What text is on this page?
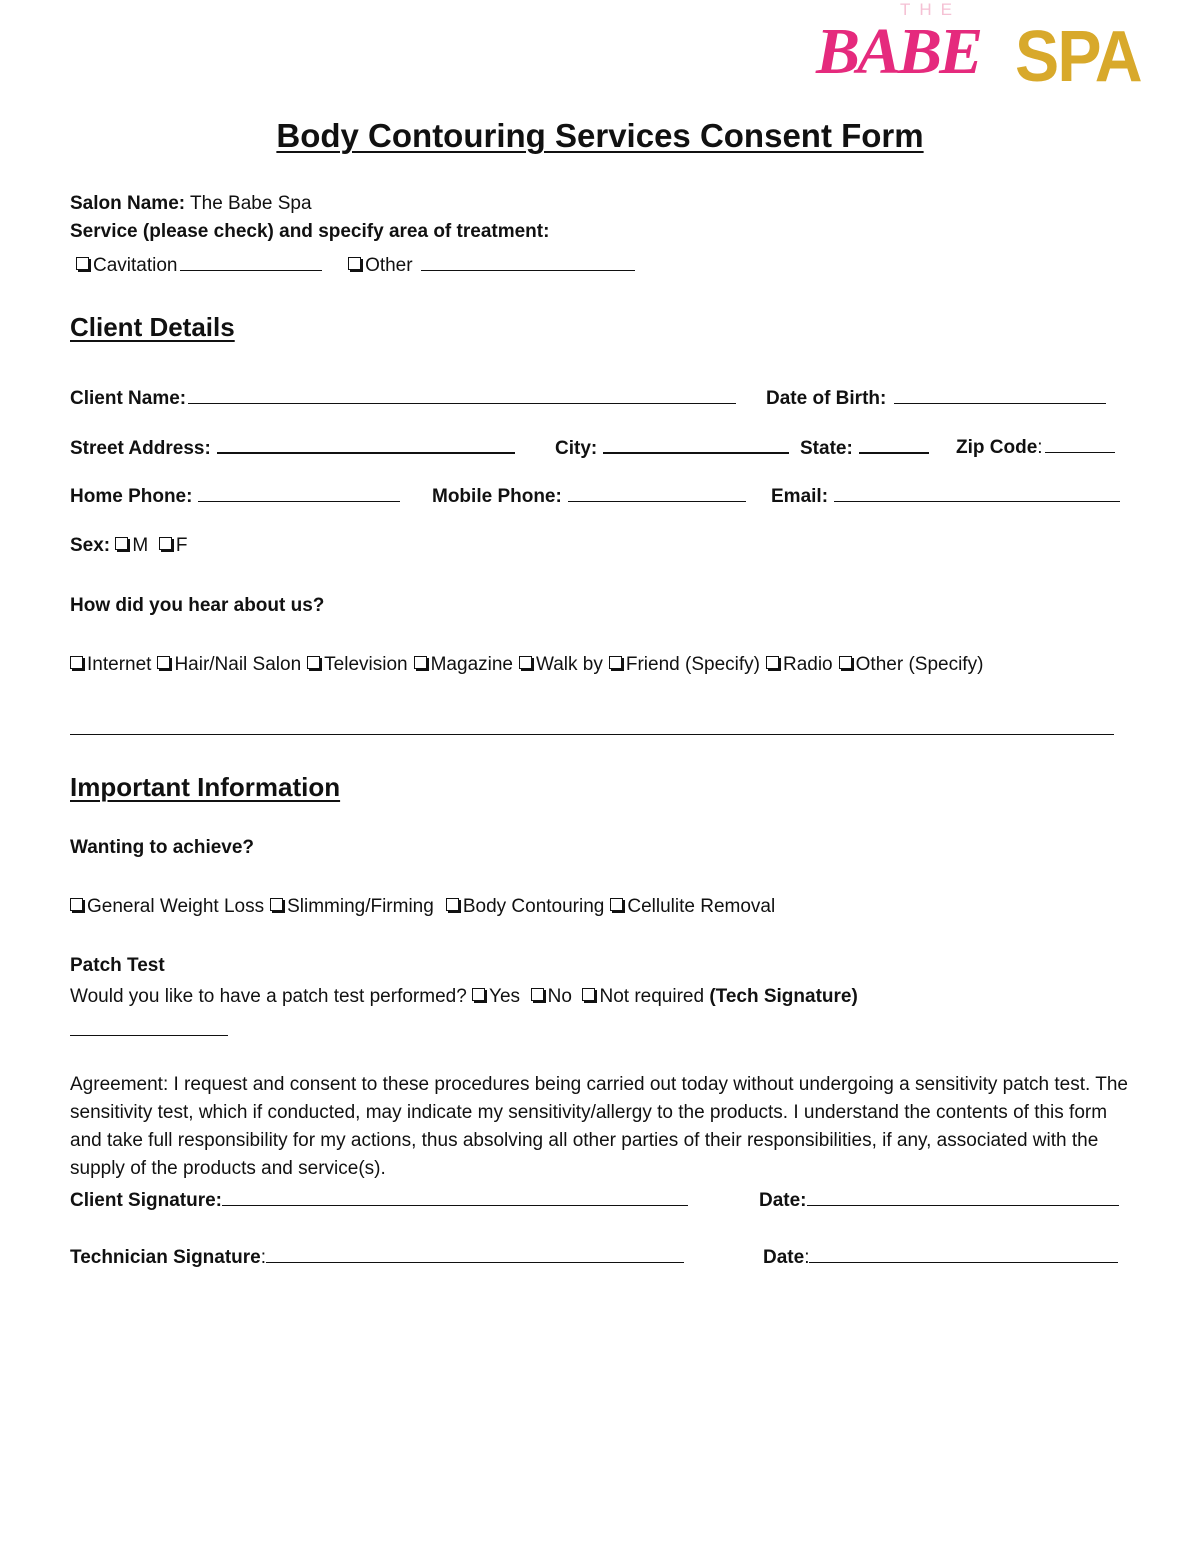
THE
BABE SPA
Body Contouring Services Consent Form
Salon Name: The Babe Spa
Service (please check) and specify area of treatment:
Cavitation	Other
Client Details
Client Name:	Date of Birth:
Street Address:	City:	State:	Zip Code:
Home Phone:	Mobile Phone:	Email:
Sex: M F
How did you hear about us?
Internet Hair/Nail Salon Television Magazine Walk by Friend (Specify) Radio Other (Specify)
Important Information
Wanting to achieve?
General Weight Loss Slimming/Firming Body Contouring Cellulite Removal
Patch Test
Would you like to have a patch test performed? Yes No Not required (Tech Signature)
Agreement: I request and consent to these procedures being carried out today without undergoing a sensitivity patch test. The sensitivity test, which if conducted, may indicate my sensitivity/allergy to the products. I understand the contents of this form and take full responsibility for my actions, thus absolving all other parties of their responsibilities, if any, associated with the supply of the products and service(s).
Client Signature:	Date:
Technician Signature:	Date:
